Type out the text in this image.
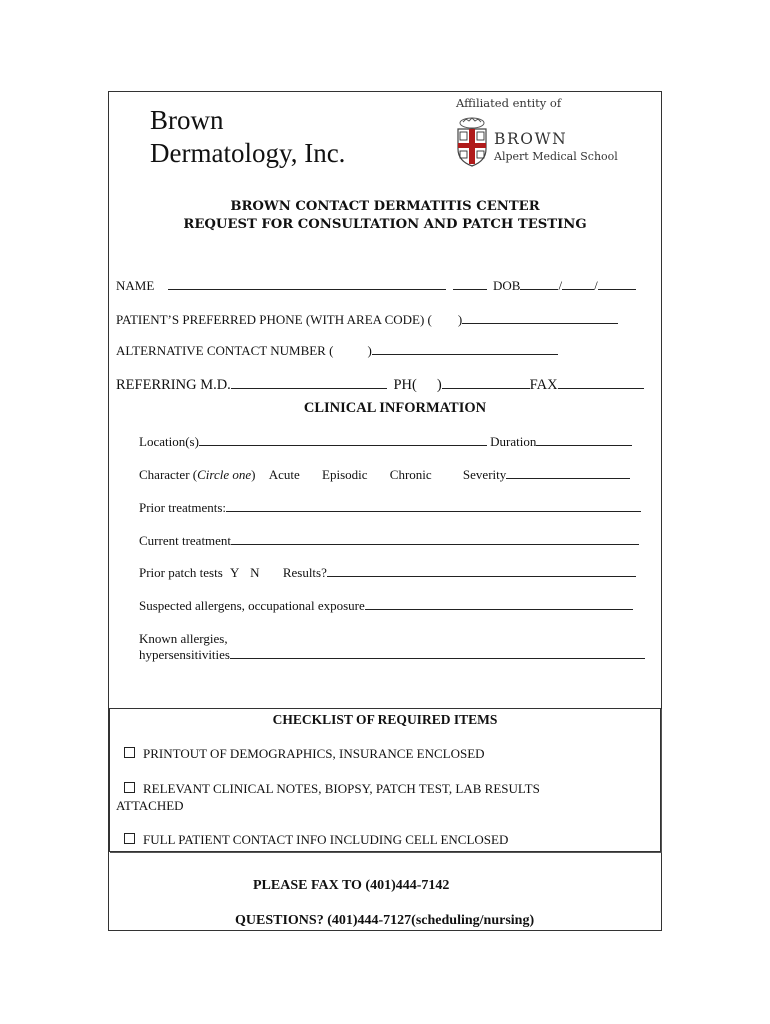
Brown
Dermatology, Inc.
Affiliated entity of
BROWN
Alpert Medical School
BROWN CONTACT DERMATITIS CENTER
REQUEST FOR CONSULTATION AND PATCH TESTING
NAME	DOB	/ /
PATIENT’S PREFERRED PHONE (WITH AREA CODE) ( )
ALTERNATIVE CONTACT NUMBER (	)
REFERRING M.D.	PH( )	FAX
CLINICAL INFORMATION
Location(s)	Duration
Character (Circle one) Acute Episodic Chronic Severity
Prior treatments:
Current treatment
Prior patch tests Y N Results?
Suspected allergens, occupational exposure
Known allergies,
hypersensitivities
CHECKLIST OF REQUIRED ITEMS
PRINTOUT OF DEMOGRAPHICS, INSURANCE ENCLOSED
RELEVANT CLINICAL NOTES, BIOPSY, PATCH TEST, LAB RESULTS
ATTACHED
FULL PATIENT CONTACT INFO INCLUDING CELL ENCLOSED
PLEASE FAX TO (401)444-7142
QUESTIONS? (401)444-7127(scheduling/nursing)
